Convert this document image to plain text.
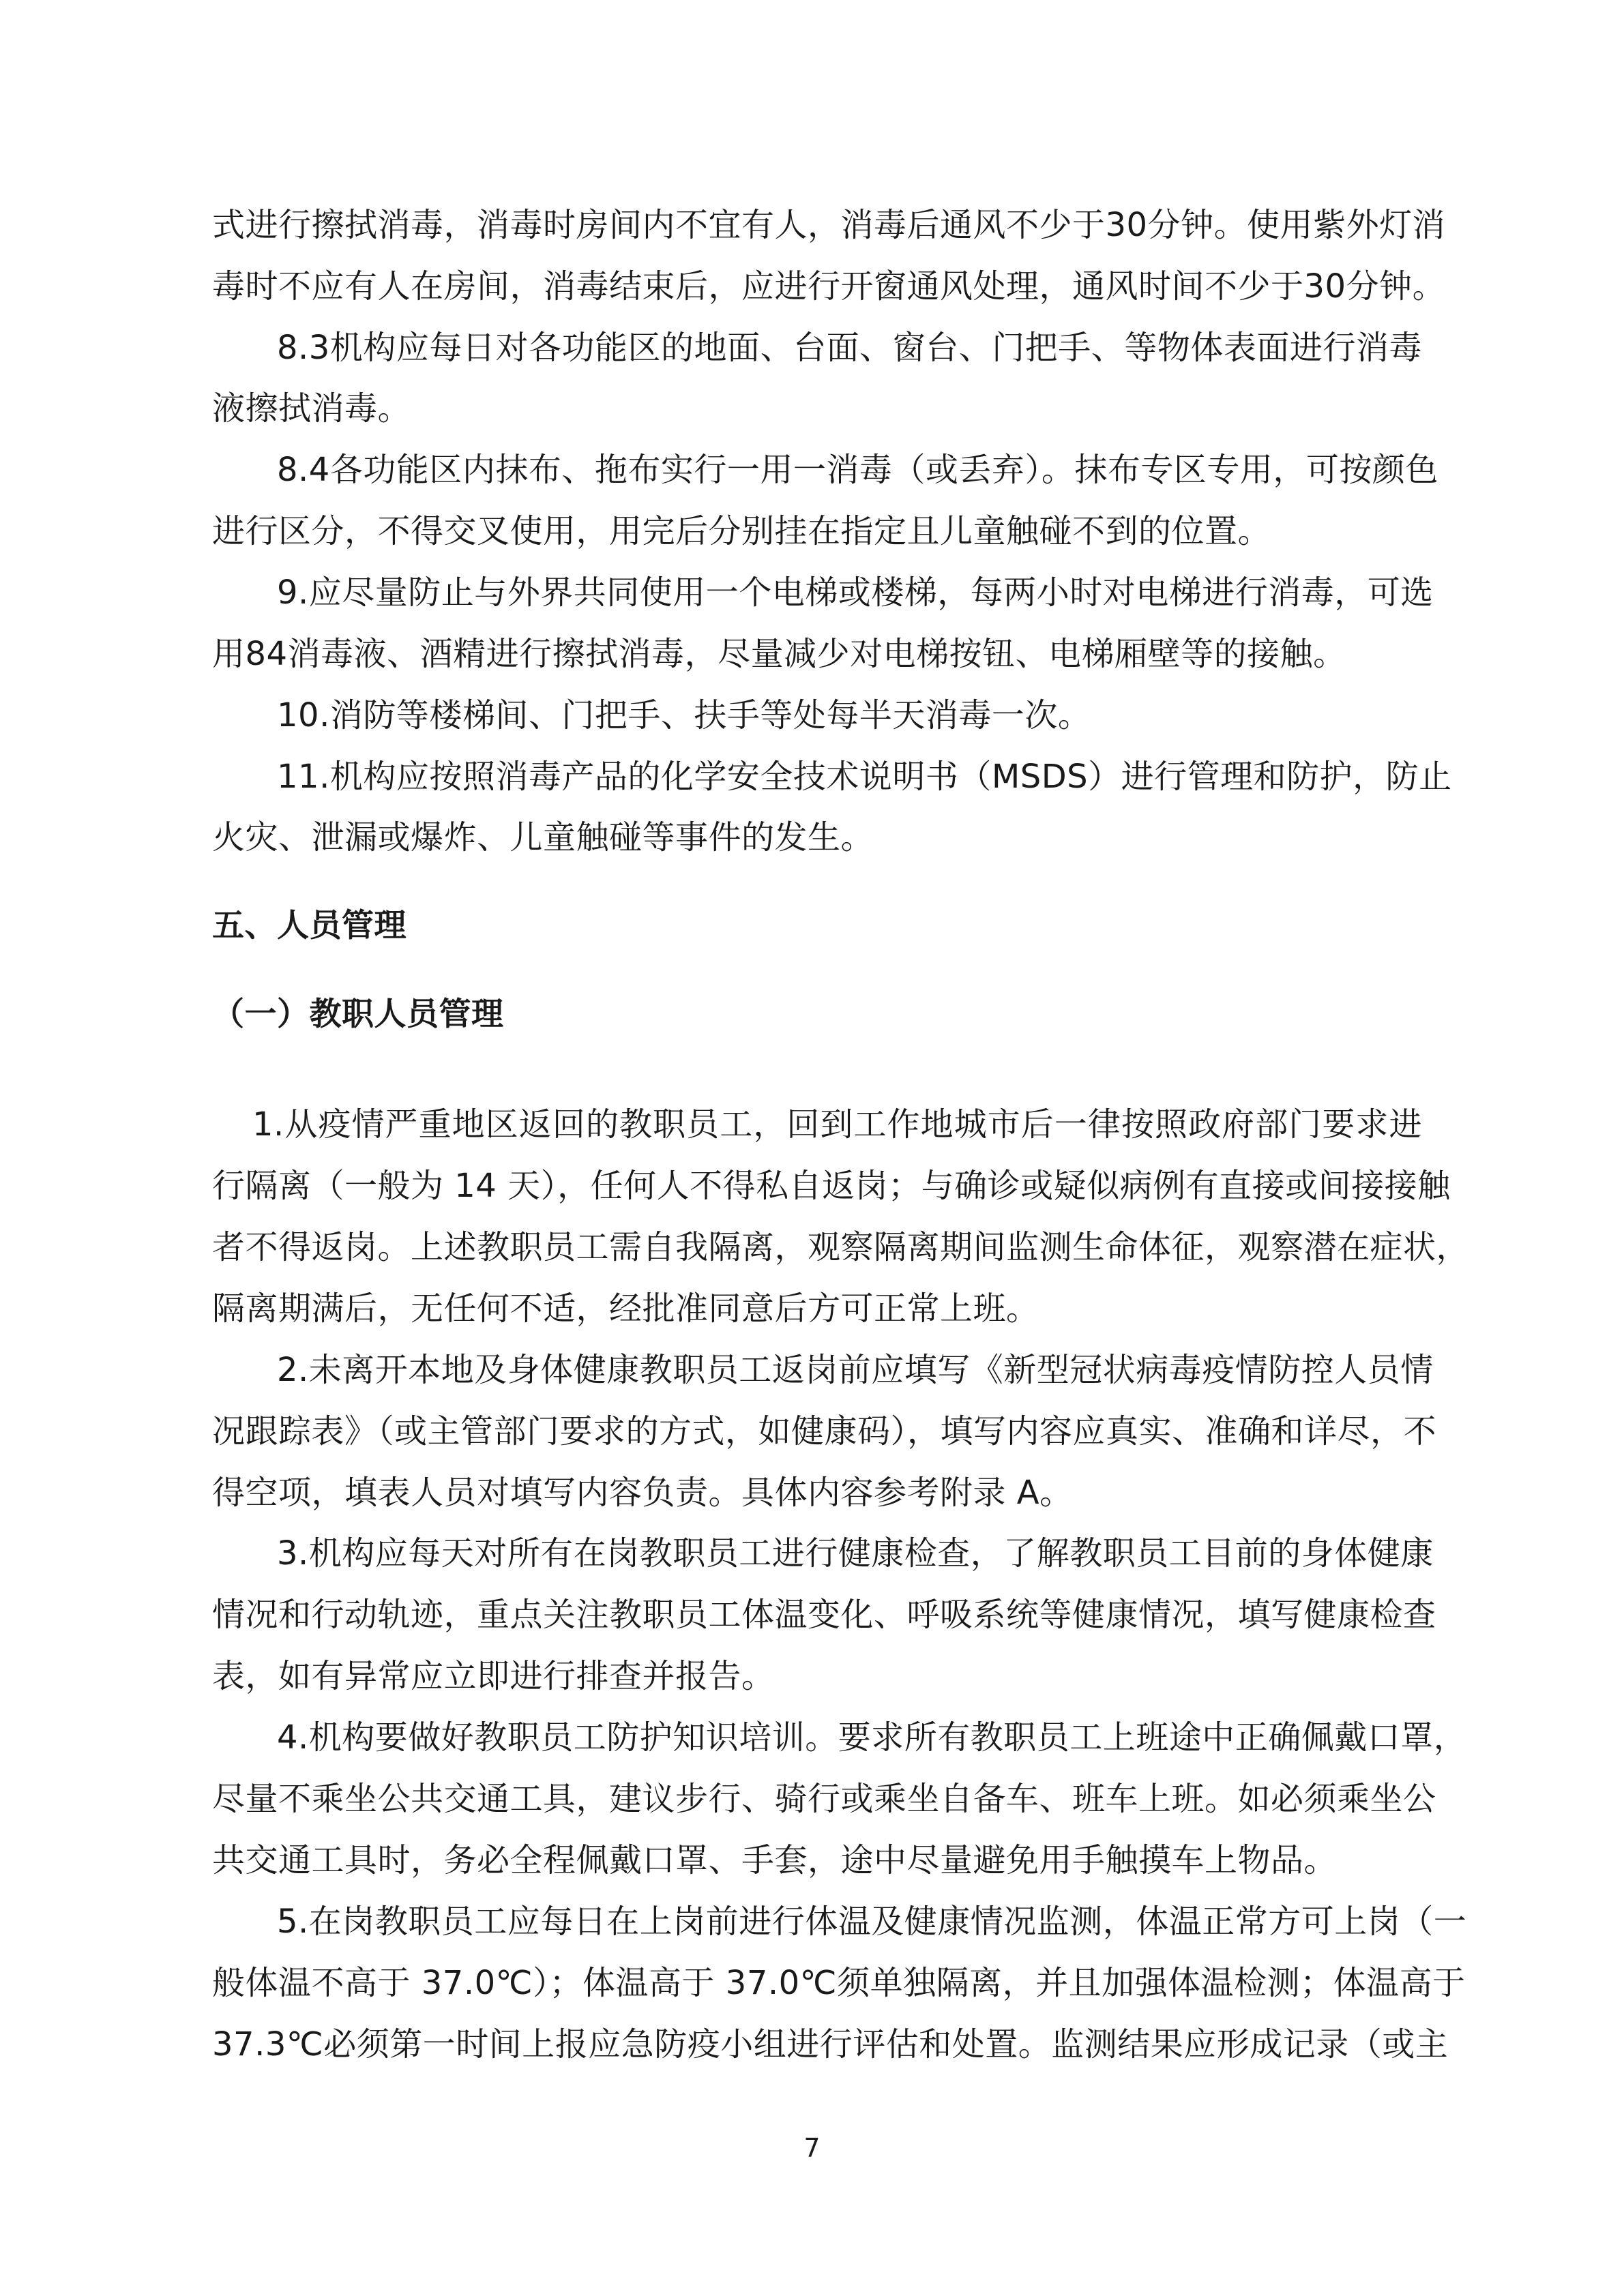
式进行擦拭消毒，消毒时房间内不宜有人，消毒后通风不少于30分钟。使用紫外灯消
毒时不应有人在房间，消毒结束后，应进行开窗通风处理，通风时间不少于30分钟。
8.3机构应每日对各功能区的地面、台面、窗台、门把手、等物体表面进行消毒
液擦拭消毒。
8.4各功能区内抹布、拖布实行一用一消毒（或丢弃）。抹布专区专用，可按颜色
进行区分，不得交叉使用，用完后分别挂在指定且儿童触碰不到的位置。
9.应尽量防止与外界共同使用一个电梯或楼梯，每两小时对电梯进行消毒，可选
用84消毒液、酒精进行擦拭消毒，尽量减少对电梯按钮、电梯厢壁等的接触。
10.消防等楼梯间、门把手、扶手等处每半天消毒一次。
11.机构应按照消毒产品的化学安全技术说明书（MSDS）进行管理和防护，防止
火灾、泄漏或爆炸、儿童触碰等事件的发生。
五、人员管理
（一）教职人员管理
1.从疫情严重地区返回的教职员工，回到工作地城市后一律按照政府部门要求进
行隔离（一般为 14 天），任何人不得私自返岗；与确诊或疑似病例有直接或间接接触
者不得返岗。上述教职员工需自我隔离，观察隔离期间监测生命体征，观察潜在症状，
隔离期满后，无任何不适，经批准同意后方可正常上班。
2.未离开本地及身体健康教职员工返岗前应填写《新型冠状病毒疫情防控人员情
况跟踪表》（或主管部门要求的方式，如健康码），填写内容应真实、准确和详尽，不
得空项，填表人员对填写内容负责。具体内容参考附录 A。
3.机构应每天对所有在岗教职员工进行健康检查，了解教职员工目前的身体健康
情况和行动轨迹，重点关注教职员工体温变化、呼吸系统等健康情况，填写健康检查
表，如有异常应立即进行排查并报告。
4.机构要做好教职员工防护知识培训。要求所有教职员工上班途中正确佩戴口罩，
尽量不乘坐公共交通工具，建议步行、骑行或乘坐自备车、班车上班。如必须乘坐公
共交通工具时，务必全程佩戴口罩、手套，途中尽量避免用手触摸车上物品。
5.在岗教职员工应每日在上岗前进行体温及健康情况监测，体温正常方可上岗（一
般体温不高于 37.0℃）；体温高于 37.0℃须单独隔离，并且加强体温检测；体温高于
37.3℃必须第一时间上报应急防疫小组进行评估和处置。监测结果应形成记录（或主
7
